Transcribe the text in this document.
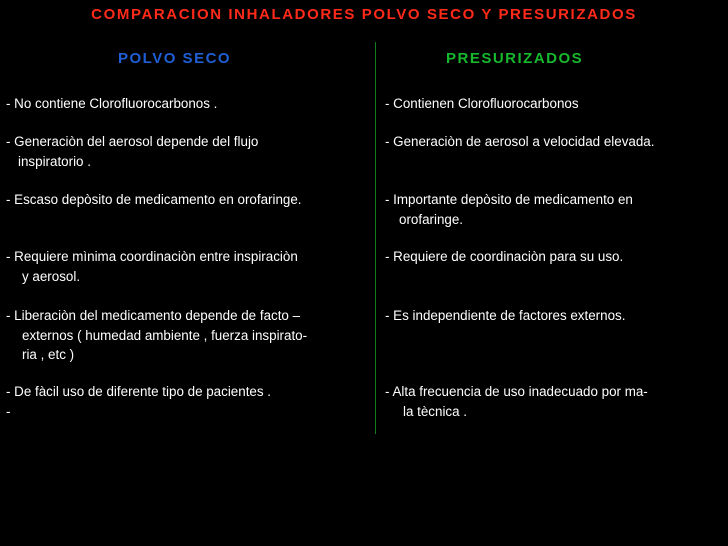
COMPARACION INHALADORES POLVO SECO Y PRESURIZADOS
POLVO SECO	PRESURIZADOS
- No contiene Clorofluorocarbonos .
- Generaciòn del aerosol depende del flujo
inspiratorio .
- Escaso depòsito de medicamento en orofaringe.
- Requiere mìnima coordinaciòn entre inspiraciòn
y aerosol.
- Liberaciòn del medicamento depende de facto –
externos ( humedad ambiente , fuerza inspirato-
ria , etc )
- De fàcil uso de diferente tipo de pacientes .
-
- Contienen Clorofluorocarbonos
- Generaciòn de aerosol a velocidad elevada.
- Importante depòsito de medicamento en
orofaringe.
- Requiere de coordinaciòn para su uso.
- Es independiente de factores externos.
- Alta frecuencia de uso inadecuado por ma-
la tècnica .
